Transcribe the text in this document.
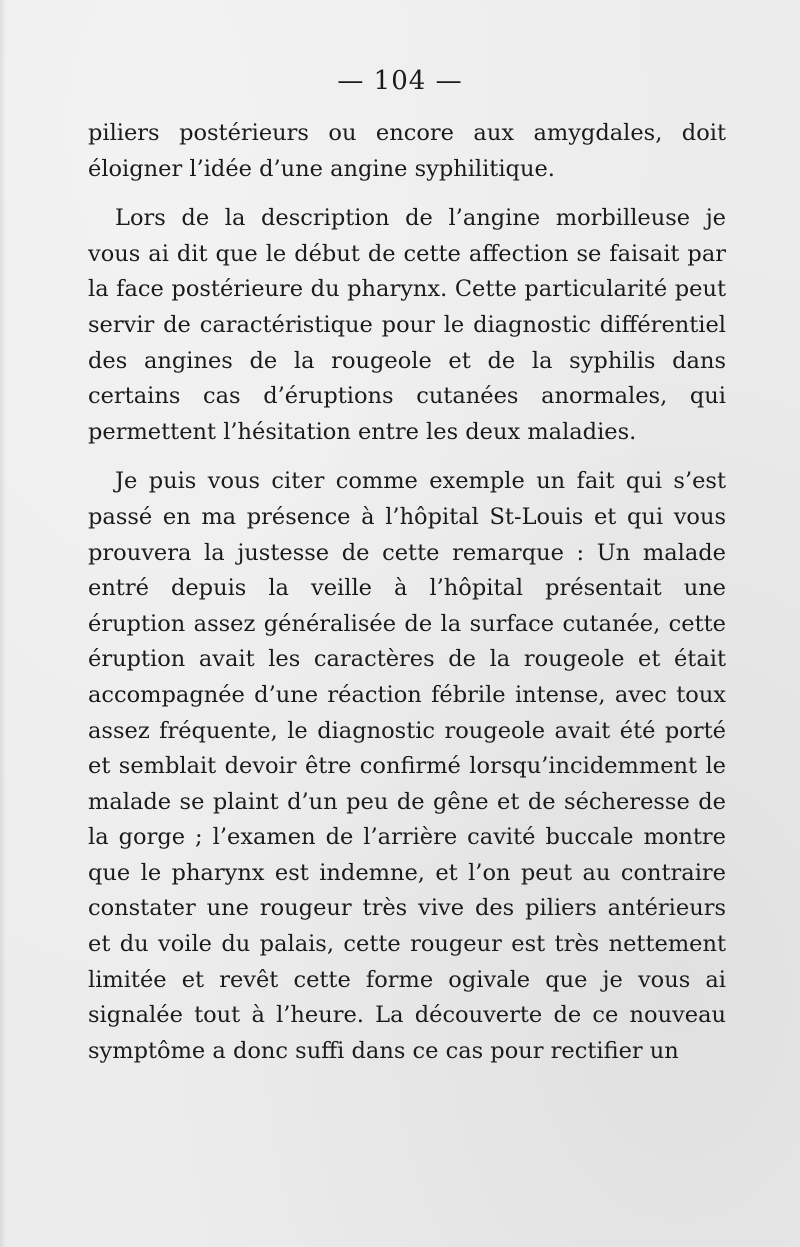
— 104 —

piliers postérieurs ou encore aux amygdales, doit éloigner l’idée d’une angine syphilitique.

Lors de la description de l’angine morbilleuse je vous ai dit que le début de cette affection se faisait par la face postérieure du pharynx. Cette particularité peut servir de caractéristique pour le diagnostic différentiel des angines de la rougeole et de la syphilis dans certains cas d’éruptions cutanées anormales, qui permettent l’hésitation entre les deux maladies.

Je puis vous citer comme exemple un fait qui s’est passé en ma présence à l’hôpital St-Louis et qui vous prouvera la justesse de cette remarque : Un malade entré depuis la veille à l’hôpital présentait une éruption assez généralisée de la surface cutanée, cette éruption avait les caractères de la rougeole et était accompagnée d’une réaction fébrile intense, avec toux assez fréquente, le diagnostic rougeole avait été porté et semblait devoir être confirmé lorsqu’incidemment le malade se plaint d’un peu de gêne et de sécheresse de la gorge ; l’examen de l’arrière cavité buccale montre que le pharynx est indemne, et l’on peut au contraire constater une rougeur très vive des piliers antérieurs et du voile du palais, cette rougeur est très nettement limitée et revêt cette forme ogivale que je vous ai signalée tout à l’heure. La découverte de ce nouveau symptôme a donc suffi dans ce cas pour rectifier un
